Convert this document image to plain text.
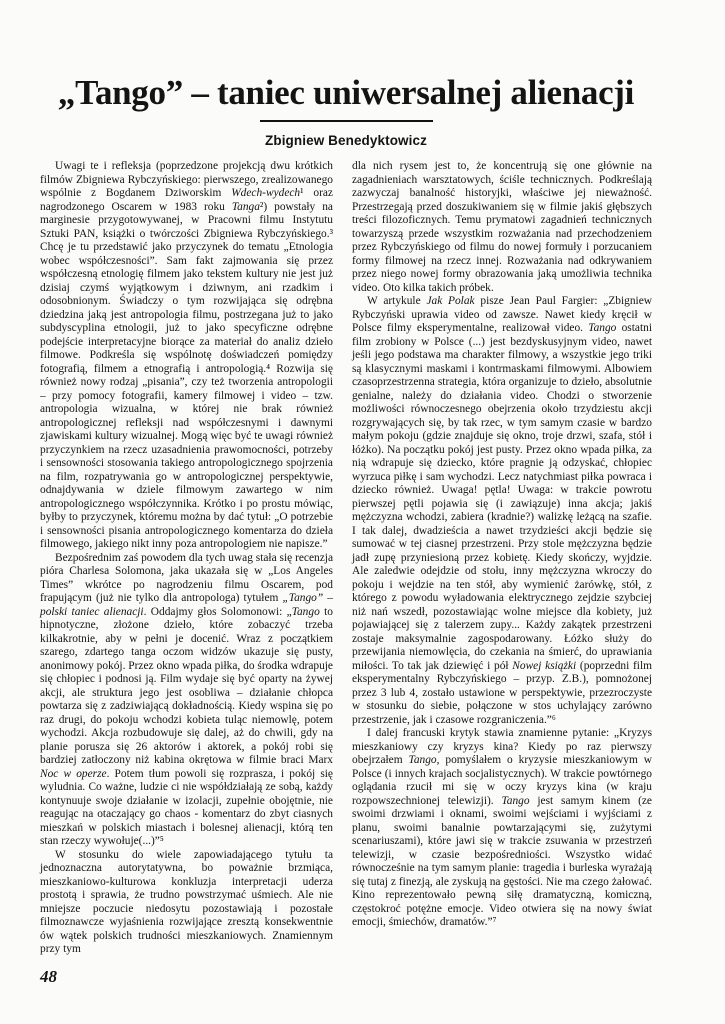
„Tango” – taniec uniwersalnej alienacji
Zbigniew Benedyktowicz

Uwagi te i refleksja (poprzedzone projekcją dwu krótkich filmów Zbigniewa Rybczyńskiego: pierwszego, zrealizowanego wspólnie z Bogdanem Dziworskim Wdech-wydech¹ oraz nagrodzonego Oscarem w 1983 roku Tanga²) powstały na marginesie przygotowywanej, w Pracowni filmu Instytutu Sztuki PAN, książki o twórczości Zbigniewa Rybczyńskiego.³ Chcę je tu przedstawić jako przyczynek do tematu „Etnologia wobec współczesności”. Sam fakt zajmowania się przez współczesną etnologię filmem jako tekstem kultury nie jest już dzisiaj czymś wyjątkowym i dziwnym, ani rzadkim i odosobnionym. Świadczy o tym rozwijająca się odrębna dziedzina jaką jest antropologia filmu, postrzegana już to jako subdyscyplina etnologii, już to jako specyficzne odrębne podejście interpretacyjne biorące za materiał do analiz dzieło filmowe. Podkreśla się wspólnotę doświadczeń pomiędzy fotografią, filmem a etnografią i antropologią.⁴ Rozwija się również nowy rodzaj „pisania”, czy też tworzenia antropologii – przy pomocy fotografii, kamery filmowej i video – tzw. antropologia wizualna, w której nie brak również antropologicznej refleksji nad współczesnymi i dawnymi zjawiskami kultury wizualnej. Mogą więc być te uwagi również przyczynkiem na rzecz uzasadnienia prawomocności, potrzeby i sensowności stosowania takiego antropologicznego spojrzenia na film, rozpatrywania go w antropologicznej perspektywie, odnajdywania w dziele filmowym zawartego w nim antropologicznego współczynnika. Krótko i po prostu mówiąc, byłby to przyczynek, któremu można by dać tytuł: „O potrzebie i sensowności pisania antropologicznego komentarza do dzieła filmowego, jakiego nikt inny poza antropologiem nie napisze.”

Bezpośrednim zaś powodem dla tych uwag stała się recenzja pióra Charlesa Solomona, jaka ukazała się w „Los Angeles Times” wkrótce po nagrodzeniu filmu Oscarem, pod frapującym (już nie tylko dla antropologa) tytułem „Tango” – polski taniec alienacji. Oddajmy głos Solomonowi: „Tango to hipnotyczne, złożone dzieło, które zobaczyć trzeba kilkakrotnie, aby w pełni je docenić. Wraz z początkiem szarego, zdartego tanga oczom widzów ukazuje się pusty, anonimowy pokój. Przez okno wpada piłka, do środka wdrapuje się chłopiec i podnosi ją. Film wydaje się być oparty na żywej akcji, ale struktura jego jest osobliwa – działanie chłopca powtarza się z zadziwiającą dokładnością. Kiedy wspina się po raz drugi, do pokoju wchodzi kobieta tuląc niemowlę, potem wychodzi. Akcja rozbudowuje się dalej, aż do chwili, gdy na planie porusza się 26 aktorów i aktorek, a pokój robi się bardziej zatłoczony niż kabina okrętowa w filmie braci Marx Noc w operze. Potem tłum powoli się rozprasza, i pokój się wyludnia. Co ważne, ludzie ci nie współdziałają ze sobą, każdy kontynuuje swoje działanie w izolacji, zupełnie obojętnie, nie reagując na otaczający go chaos - komentarz do zbyt ciasnych mieszkań w polskich miastach i bolesnej alienacji, którą ten stan rzeczy wywołuje(...)”⁵

W stosunku do wiele zapowiadającego tytułu ta jednoznaczna autorytatywna, bo poważnie brzmiąca, mieszkaniowo-kulturowa konkluzja interpretacji uderza prostotą i sprawia, że trudno powstrzymać uśmiech. Ale nie mniejsze poczucie niedosytu pozostawiają i pozostałe filmoznawcze wyjaśnienia rozwijające zresztą konsekwentnie ów wątek polskich trudności mieszkaniowych. Znamiennym przy tym

dla nich rysem jest to, że koncentrują się one głównie na zagadnieniach warsztatowych, ściśle technicznych. Podkreślają zazwyczaj banalność historyjki, właściwe jej nieważność. Przestrzegają przed doszukiwaniem się w filmie jakiś głębszych treści filozoficznych. Temu prymatowi zagadnień technicznych towarzyszą przede wszystkim rozważania nad przechodzeniem przez Rybczyńskiego od filmu do nowej formuły i porzucaniem formy filmowej na rzecz innej. Rozważania nad odkrywaniem przez niego nowej formy obrazowania jaką umożliwia technika video. Oto kilka takich próbek.

W artykule Jak Polak pisze Jean Paul Fargier: „Zbigniew Rybczyński uprawia video od zawsze. Nawet kiedy kręcił w Polsce filmy eksperymentalne, realizował video. Tango ostatni film zrobiony w Polsce (...) jest bezdyskusyjnym video, nawet jeśli jego podstawa ma charakter filmowy, a wszystkie jego triki są klasycznymi maskami i kontrmaskami filmowymi. Albowiem czasoprzestrzenna strategia, która organizuje to dzieło, absolutnie genialne, należy do działania video. Chodzi o stworzenie możliwości równoczesnego obejrzenia około trzydziestu akcji rozgrywających się, by tak rzec, w tym samym czasie w bardzo małym pokoju (gdzie znajduje się okno, troje drzwi, szafa, stół i łóżko). Na początku pokój jest pusty. Przez okno wpada piłka, za nią wdrapuje się dziecko, które pragnie ją odzyskać, chłopiec wyrzuca piłkę i sam wychodzi. Lecz natychmiast piłka powraca i dziecko również. Uwaga! pętla! Uwaga: w trakcie powrotu pierwszej pętli pojawia się (i zawiązuje) inna akcja; jakiś mężczyzna wchodzi, zabiera (kradnie?) walizkę leżącą na szafie. I tak dalej, dwadzieścia a nawet trzydzieści akcji będzie się sumować w tej ciasnej przestrzeni. Przy stole mężczyzna będzie jadł zupę przyniesioną przez kobietę. Kiedy skończy, wyjdzie. Ale zaledwie odejdzie od stołu, inny mężczyzna wkroczy do pokoju i wejdzie na ten stół, aby wymienić żarówkę, stół, z którego z powodu wyładowania elektrycznego zejdzie szybciej niż nań wszedł, pozostawiając wolne miejsce dla kobiety, już pojawiającej się z talerzem zupy... Każdy zakątek przestrzeni zostaje maksymalnie zagospodarowany. Łóżko służy do przewijania niemowlęcia, do czekania na śmierć, do uprawiania miłości. To tak jak dziewięć i pół Nowej książki (poprzedni film eksperymentalny Rybczyńskiego – przyp. Z.B.), pomnożonej przez 3 lub 4, zostało ustawione w perspektywie, przezroczyste w stosunku do siebie, połączone w stos uchylający zarówno przestrzenie, jak i czasowe rozgraniczenia.”⁶

I dalej francuski krytyk stawia znamienne pytanie: „Kryzys mieszkaniowy czy kryzys kina? Kiedy po raz pierwszy obejrzałem Tango, pomyślałem o kryzysie mieszkaniowym w Polsce (i innych krajach socjalistycznych). W trakcie powtórnego oglądania rzucił mi się w oczy kryzys kina (w kraju rozpowszechnionej telewizji). Tango jest samym kinem (ze swoimi drzwiami i oknami, swoimi wejściami i wyjściami z planu, swoimi banalnie powtarzającymi się, zużytymi scenariuszami), które jawi się w trakcie zsuwania w przestrzeń telewizji, w czasie bezpośredniości. Wszystko widać równocześnie na tym samym planie: tragedia i burleska wyrażają się tutaj z finezją, ale zyskują na gęstości. Nie ma czego żałować. Kino reprezentowało pewną siłę dramatyczną, komiczną, częstokroć potężne emocje. Video otwiera się na nowy świat emocji, śmiechów, dramatów.”⁷

48
